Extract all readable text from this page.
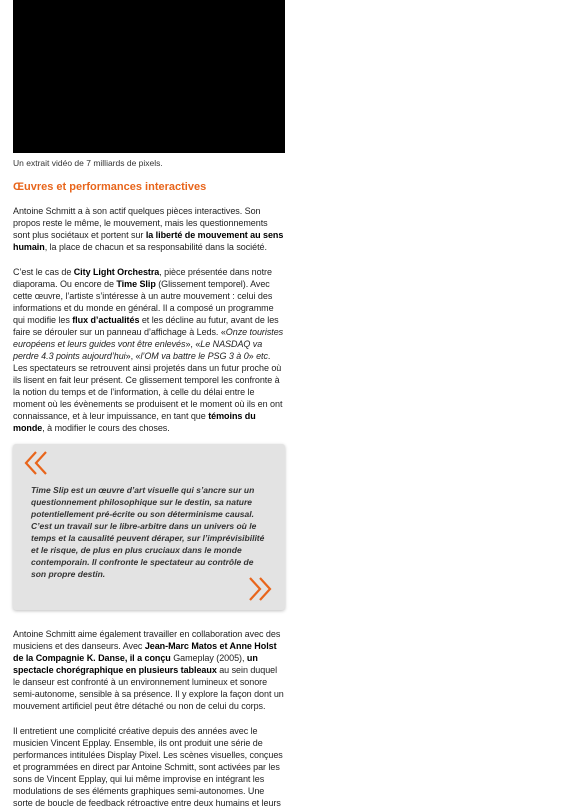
Un extrait vidéo de 7 milliards de pixels.
Œuvres et performances interactives

Antoine Schmitt a à son actif quelques pièces interactives. Son propos reste le même, le mouvement, mais les questionnements sont plus sociétaux et portent sur la liberté de mouvement au sens humain, la place de chacun et sa responsabilité dans la société.

C’est le cas de City Light Orchestra, pièce présentée dans notre diaporama. Ou encore de Time Slip (Glissement temporel). Avec cette œuvre, l’artiste s’intéresse à un autre mouvement : celui des informations et du monde en général. Il a composé un programme qui modifie les flux d’actualités et les décline au futur, avant de les faire se dérouler sur un panneau d’affichage à Leds. «Onze touristes européens et leurs guides vont être enlevés», «Le NASDAQ va perdre 4.3 points aujourd’hui», «l’OM va battre le PSG 3 à 0» etc. Les spectateurs se retrouvent ainsi projetés dans un futur proche où ils lisent en fait leur présent. Ce glissement temporel les confronte à la notion du temps et de l’information, à celle du délai entre le moment où les évènements se produisent et le moment où ils en ont connaissance, et à leur impuissance, en tant que témoins du monde, à modifier le cours des choses.

Time Slip est un œuvre d’art visuelle qui s’ancre sur un questionnement philosophique sur le destin, sa nature potentiellement pré-écrite ou son déterminisme causal. C’est un travail sur le libre-arbitre dans un univers où le temps et la causalité peuvent déraper, sur l’imprévisibilité et le risque, de plus en plus cruciaux dans le monde contemporain. Il confronte le spectateur au contrôle de son propre destin.

Antoine Schmitt aime également travailler en collaboration avec des musiciens et des danseurs. Avec Jean-Marc Matos et Anne Holst de la Compagnie K. Danse, il a conçu Gameplay (2005), un spectacle chorégraphique en plusieurs tableaux au sein duquel le danseur est confronté à un environnement lumineux et sonore semi-autonome, sensible à sa présence. Il y explore la façon dont un mouvement artificiel peut être détaché ou non de celui du corps.

Il entretient une complicité créative depuis des années avec le musicien Vincent Epplay. Ensemble, ils ont produit une série de performances intitulées Display Pixel. Les scènes visuelles, conçues et programmées en direct par Antoine Schmitt, sont activées par les sons de Vincent Epplay, qui lui même improvise en intégrant les modulations de ses éléments graphiques semi-autonomes. Une sorte de boucle de feedback rétroactive entre deux humains et leurs
